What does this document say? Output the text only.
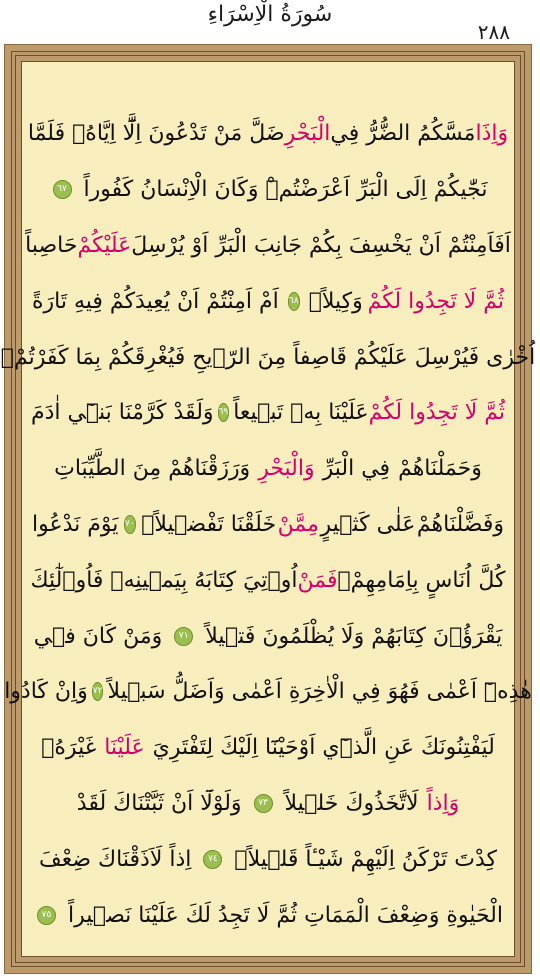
سُورَةُ الْاِسْرَاءِ
٢٨٨
وَاِذَا
مَسَّكُمُ الضُّرُّ فِي
الْبَحْرِ
ضَلَّ مَنْ تَدْعُونَ اِلَّٓا اِيَّاهُۚ فَلَمَّا
نَجّٰيكُمْ اِلَى الْبَرِّ اَعْرَضْتُمْۜ وَكَانَ الْاِنْسَانُ كَفُوراً
٦٧
اَفَاَمِنْتُمْ اَنْ يَخْسِفَ بِكُمْ جَانِبَ الْبَرِّ اَوْ يُرْسِلَ
عَلَيْكُمْ
حَاصِباً
ثُمَّ لَا تَجِدُوا لَكُمْ
وَكِيلاًۙ
٦٨
اَمْ اَمِنْتُمْ اَنْ يُعِيدَكُمْ فِيهِ تَارَةً
اُخْرٰى فَيُرْسِلَ عَلَيْكُمْ قَاصِفاً مِنَ الرّ۪يحِ فَيُغْرِقَكُمْ بِمَا كَفَرْتُمْۙ
ثُمَّ لَا تَجِدُوا لَكُمْ
عَلَيْنَا بِه۪ تَب۪يعاً
٦٩
وَلَقَدْ كَرَّمْنَا بَن۪ٓي اٰدَمَ
وَحَمَلْنَاهُمْ
فِي الْبَرِّ
وَالْبَحْرِ
وَرَزَقْنَاهُمْ مِنَ الطَّيِّبَاتِ
وَفَضَّلْنَاهُمْ
عَلٰى كَث۪يرٍ
مِمَّنْ
خَلَقْنَا تَفْض۪يلاً۟
٧٠
يَوْمَ نَدْعُوا
كُلَّ اُنَاسٍ بِاِمَامِهِمْۚ
فَمَنْ
اُو۫تِيَ كِتَابَهُ بِيَم۪ينِه۪ فَاُو۬لٰٓئِكَ
يَقْرَؤُ۫نَ كِتَابَهُمْ وَلَا يُظْلَمُونَ فَت۪يلاً
٧١
وَمَنْ كَانَ ف۪ي
هٰذِه۪ٓ اَعْمٰى فَهُوَ فِي الْاٰخِرَةِ اَعْمٰى وَاَضَلُّ سَب۪يلاً
٧٢
وَاِنْ كَادُوا
لَيَفْتِنُونَكَ عَنِ الَّذ۪ٓي اَوْحَيْنَٓا اِلَيْكَ لِتَفْتَرِيَ
عَلَيْنَا
غَيْرَهُۗ
وَاِذاً
لَاتَّخَذُوكَ خَل۪يلاً
٧٣
وَلَوْلَٓا اَنْ ثَبَّتْنَاكَ لَقَدْ
كِدْتَ تَرْكَنُ اِلَيْهِمْ شَيْـٔاً قَل۪يلاًۗ
٧٤
اِذاً لَاَذَقْنَاكَ ضِعْفَ
الْحَيٰوةِ وَضِعْفَ الْمَمَاتِ ثُمَّ لَا تَجِدُ لَكَ عَلَيْنَا نَص۪يراً
٧٥
